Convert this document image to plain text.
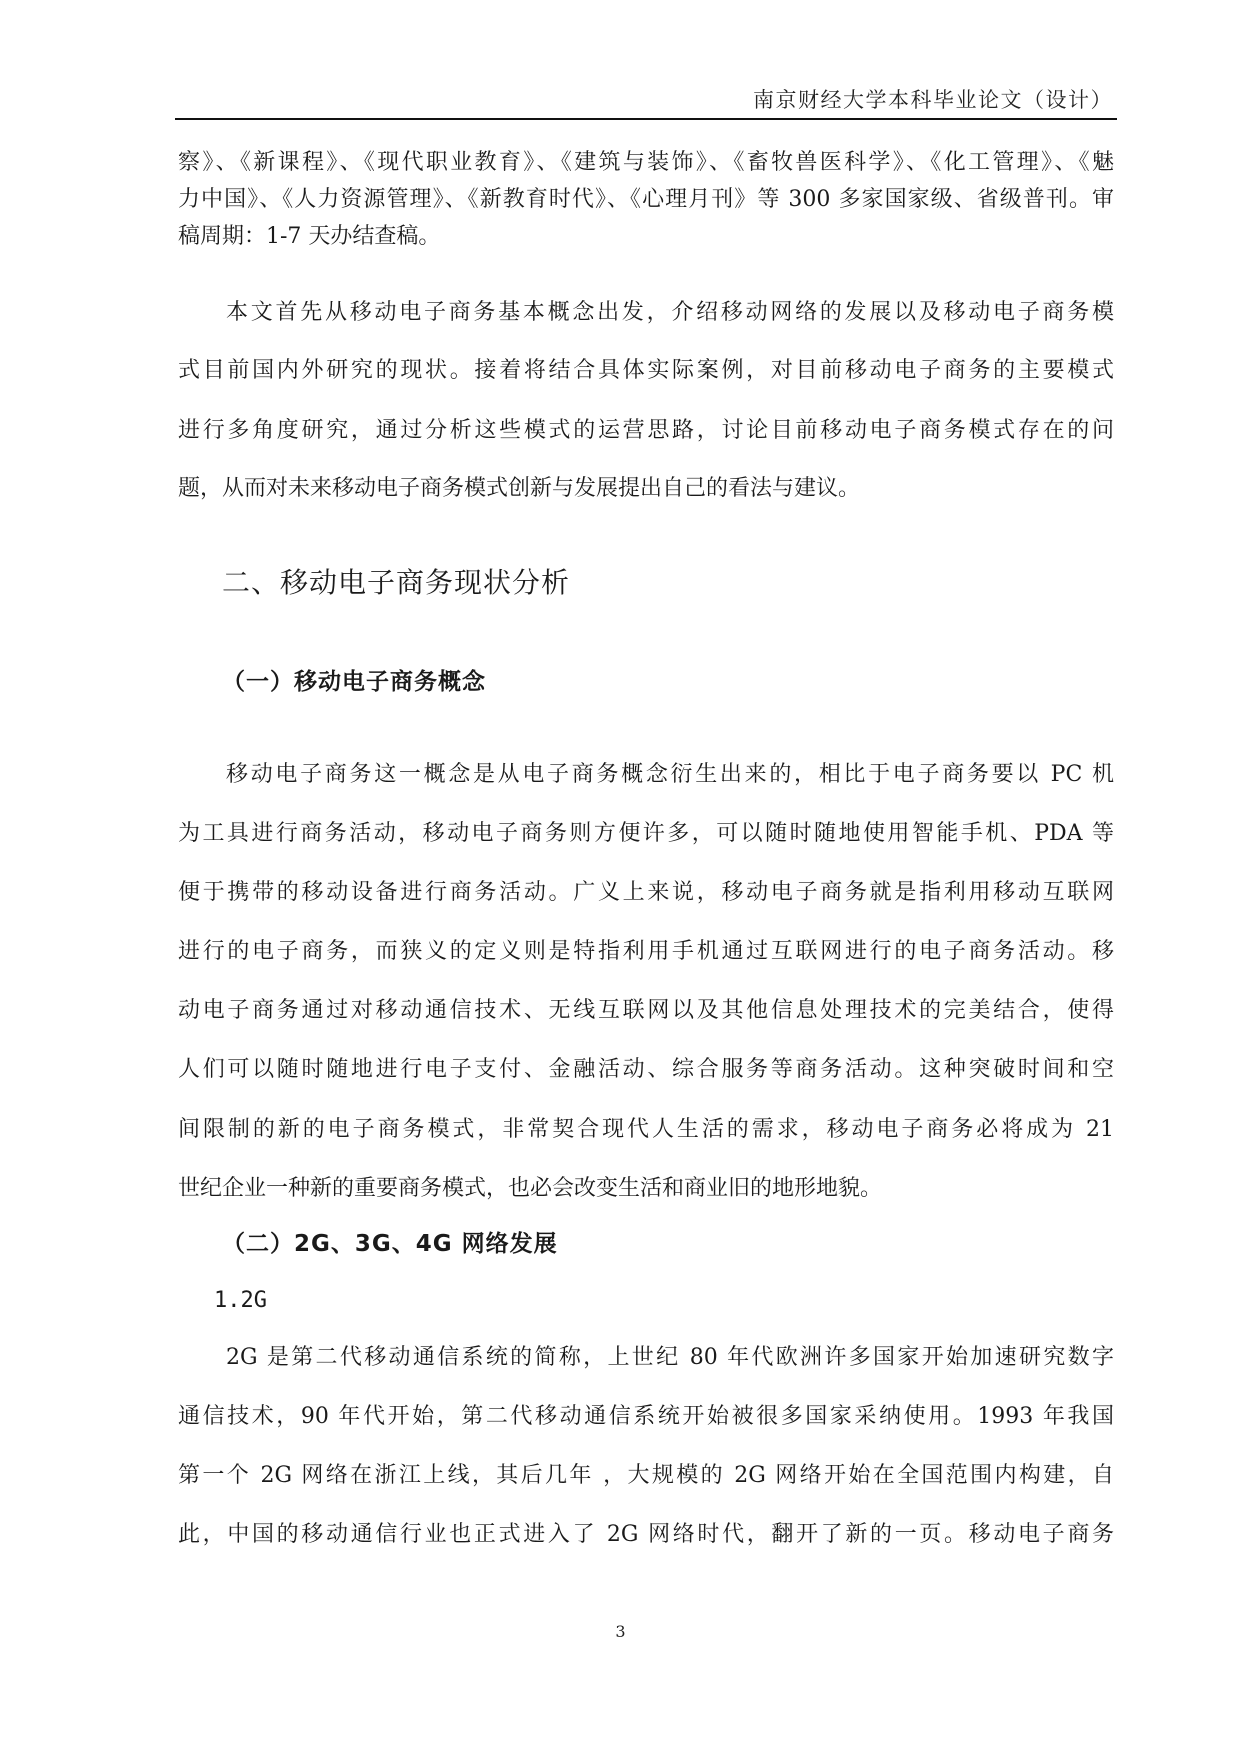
南京财经大学本科毕业论文（设计）
察》、《新课程》、《现代职业教育》、《建筑与装饰》、《畜牧兽医科学》、《化工管理》、《魅
力中国》、《人力资源管理》、《新教育时代》、《心理月刊》等 300 多家国家级、省级普刊。审
稿周期：1-7 天办结查稿。
本文首先从移动电子商务基本概念出发，介绍移动网络的发展以及移动电子商务模
式目前国内外研究的现状。接着将结合具体实际案例，对目前移动电子商务的主要模式
进行多角度研究，通过分析这些模式的运营思路，讨论目前移动电子商务模式存在的问
题，从而对未来移动电子商务模式创新与发展提出自己的看法与建议。
二、移动电子商务现状分析
（一）移动电子商务概念
移动电子商务这一概念是从电子商务概念衍生出来的，相比于电子商务要以 PC 机
为工具进行商务活动，移动电子商务则方便许多，可以随时随地使用智能手机、PDA 等
便于携带的移动设备进行商务活动。广义上来说，移动电子商务就是指利用移动互联网
进行的电子商务，而狭义的定义则是特指利用手机通过互联网进行的电子商务活动。移
动电子商务通过对移动通信技术、无线互联网以及其他信息处理技术的完美结合，使得
人们可以随时随地进行电子支付、金融活动、综合服务等商务活动。这种突破时间和空
间限制的新的电子商务模式，非常契合现代人生活的需求，移动电子商务必将成为 21
世纪企业一种新的重要商务模式，也必会改变生活和商业旧的地形地貌。
（二）2G、3G、4G 网络发展
1.2G
2G 是第二代移动通信系统的简称，上世纪 80 年代欧洲许多国家开始加速研究数字
通信技术，90 年代开始，第二代移动通信系统开始被很多国家采纳使用。1993 年我国
第一个 2G 网络在浙江上线，其后几年 ，大规模的 2G 网络开始在全国范围内构建，自
此，中国的移动通信行业也正式进入了 2G 网络时代，翻开了新的一页。移动电子商务
3
